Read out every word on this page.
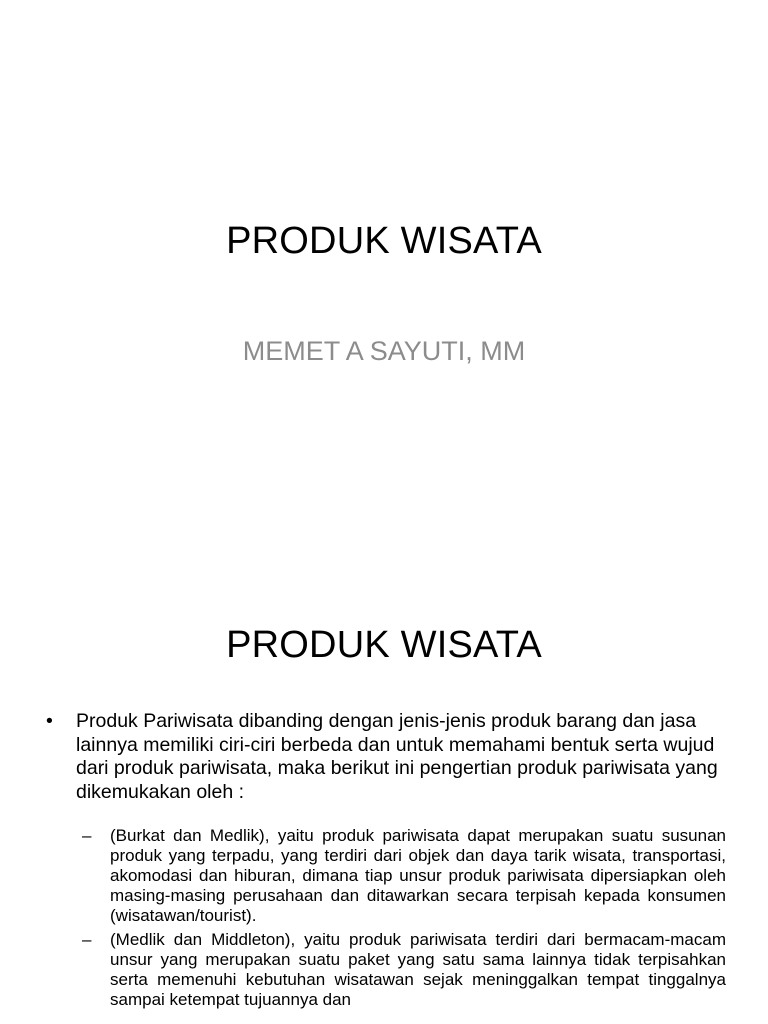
PRODUK WISATA
MEMET A SAYUTI, MM
PRODUK WISATA
• Produk Pariwisata dibanding dengan jenis-jenis produk barang dan jasa lainnya memiliki ciri-ciri berbeda dan untuk memahami bentuk serta wujud dari produk pariwisata, maka berikut ini pengertian produk pariwisata yang dikemukakan oleh :
– (Burkat dan Medlik), yaitu produk pariwisata dapat merupakan suatu susunan produk yang terpadu, yang terdiri dari objek dan daya tarik wisata, transportasi, akomodasi dan hiburan, dimana tiap unsur produk pariwisata dipersiapkan oleh masing-masing perusahaan dan ditawarkan secara terpisah kepada konsumen (wisatawan/tourist).
– (Medlik dan Middleton), yaitu produk pariwisata terdiri dari bermacam-macam unsur yang merupakan suatu paket yang satu sama lainnya tidak terpisahkan serta memenuhi kebutuhan wisatawan sejak meninggalkan tempat tinggalnya sampai ketempat tujuannya dan
